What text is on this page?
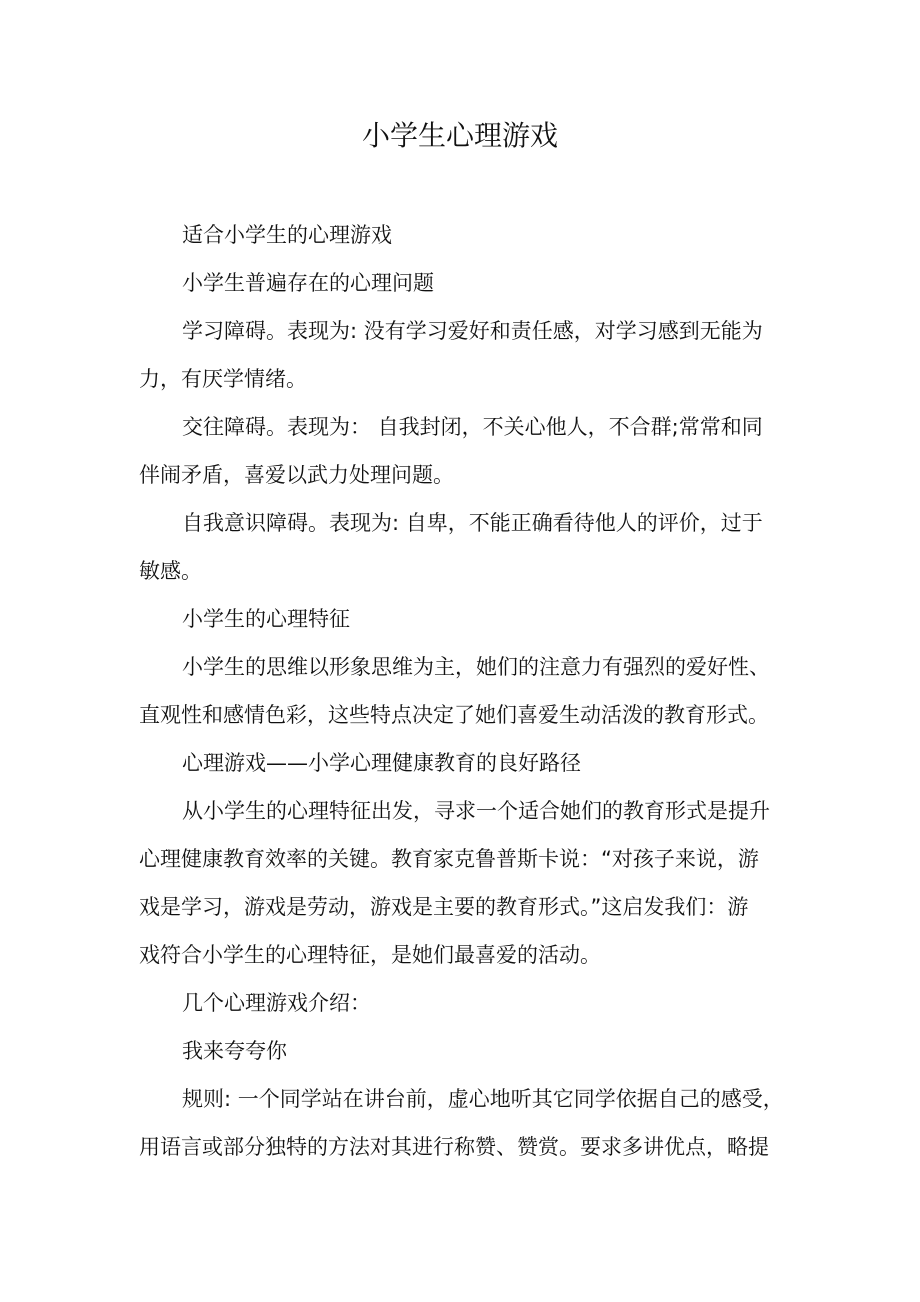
小学生心理游戏

适合小学生的心理游戏

小学生普遍存在的心理问题

学习障碍。表现为: 没有学习爱好和责任感，对学习感到无能为
力，有厌学情绪。

交往障碍。表现为： 自我封闭，不关心他人，不合群;常常和同
伴闹矛盾，喜爱以武力处理问题。

自我意识障碍。表现为: 自卑，不能正确看待他人的评价，过于
敏感。

小学生的心理特征

小学生的思维以形象思维为主，她们的注意力有强烈的爱好性、
直观性和感情色彩，这些特点决定了她们喜爱生动活泼的教育形式。

心理游戏——小学心理健康教育的良好路径

从小学生的心理特征出发，寻求一个适合她们的教育形式是提升
心理健康教育效率的关键。教育家克鲁普斯卡说：“对孩子来说，游
戏是学习，游戏是劳动，游戏是主要的教育形式。”这启发我们：游
戏符合小学生的心理特征，是她们最喜爱的活动。

几个心理游戏介绍：

我来夸夸你

规则: 一个同学站在讲台前，虚心地听其它同学依据自己的感受，
用语言或部分独特的方法对其进行称赞、赞赏。要求多讲优点，略提
